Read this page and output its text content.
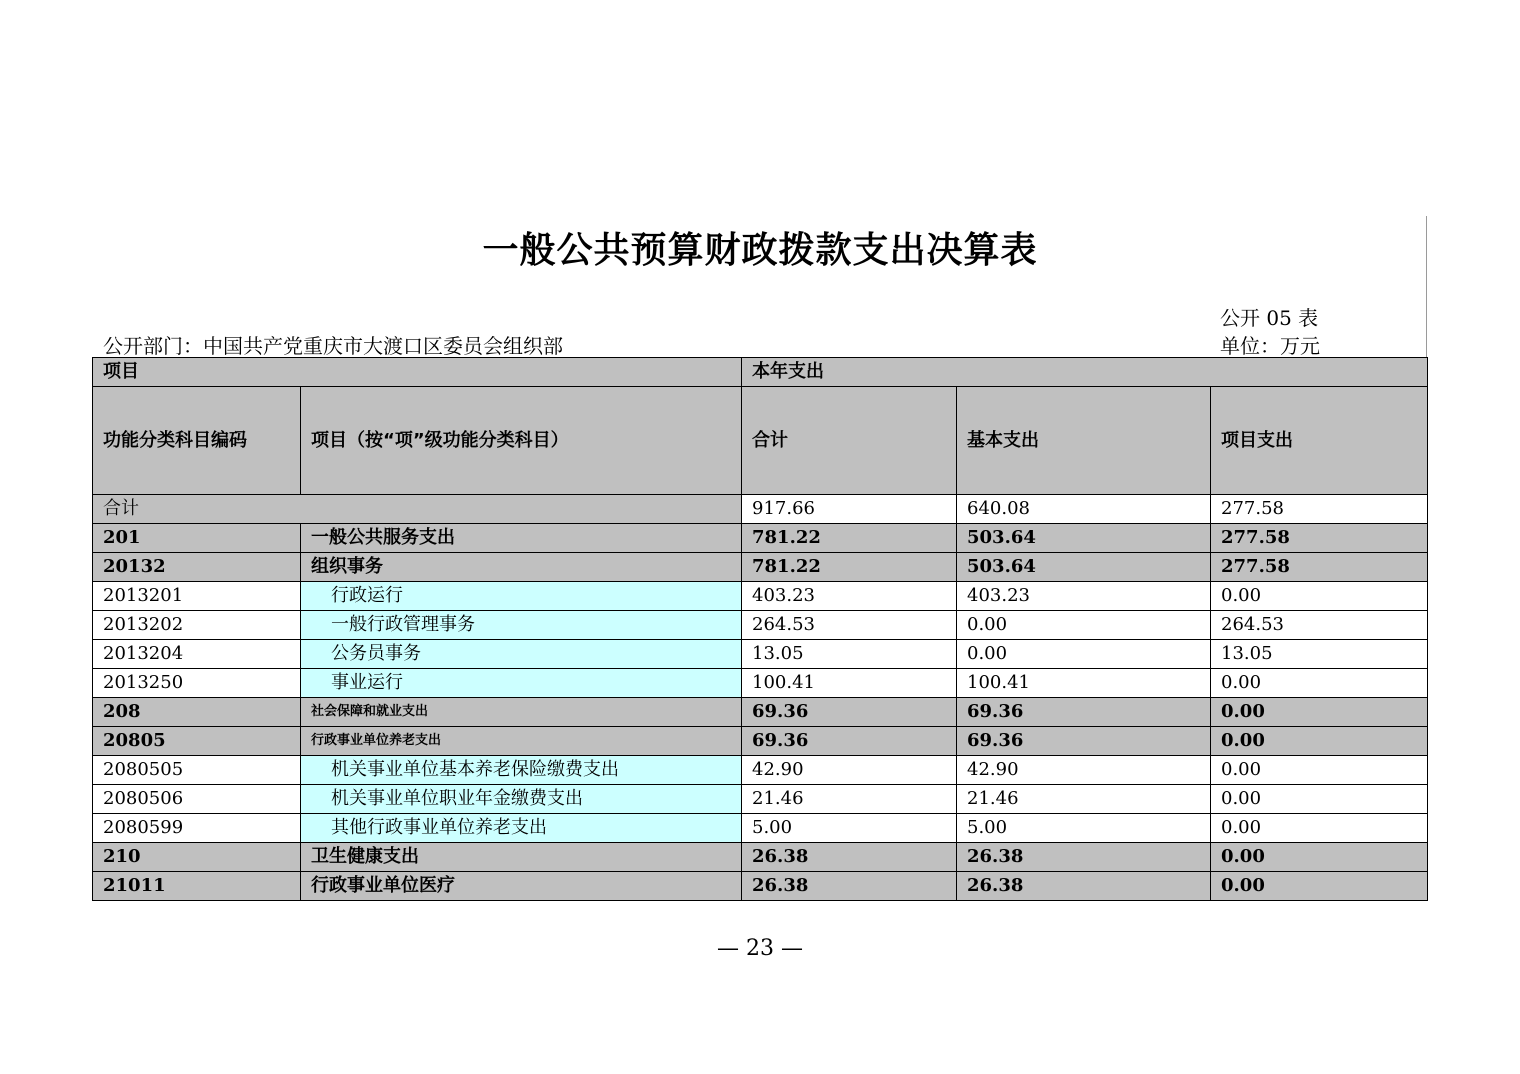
一般公共预算财政拨款支出决算表
公开 05 表
公开部门：中国共产党重庆市大渡口区委员会组织部	单位：万元
项目		本年支出		
功能分类科目编码	项目（按“项”级功能分类科目）	合计	基本支出	项目支出
合计		917.66	640.08	277.58
201	一般公共服务支出	781.22	503.64	277.58
20132	组织事务	781.22	503.64	277.58
2013201	行政运行	403.23	403.23	0.00
2013202	一般行政管理事务	264.53	0.00	264.53
2013204	公务员事务	13.05	0.00	13.05
2013250	事业运行	100.41	100.41	0.00
208	社会保障和就业支出	69.36	69.36	0.00
20805	行政事业单位养老支出	69.36	69.36	0.00
2080505	机关事业单位基本养老保险缴费支出	42.90	42.90	0.00
2080506	机关事业单位职业年金缴费支出	21.46	21.46	0.00
2080599	其他行政事业单位养老支出	5.00	5.00	0.00
210	卫生健康支出	26.38	26.38	0.00
21011	行政事业单位医疗	26.38	26.38	0.00
— 23 —
